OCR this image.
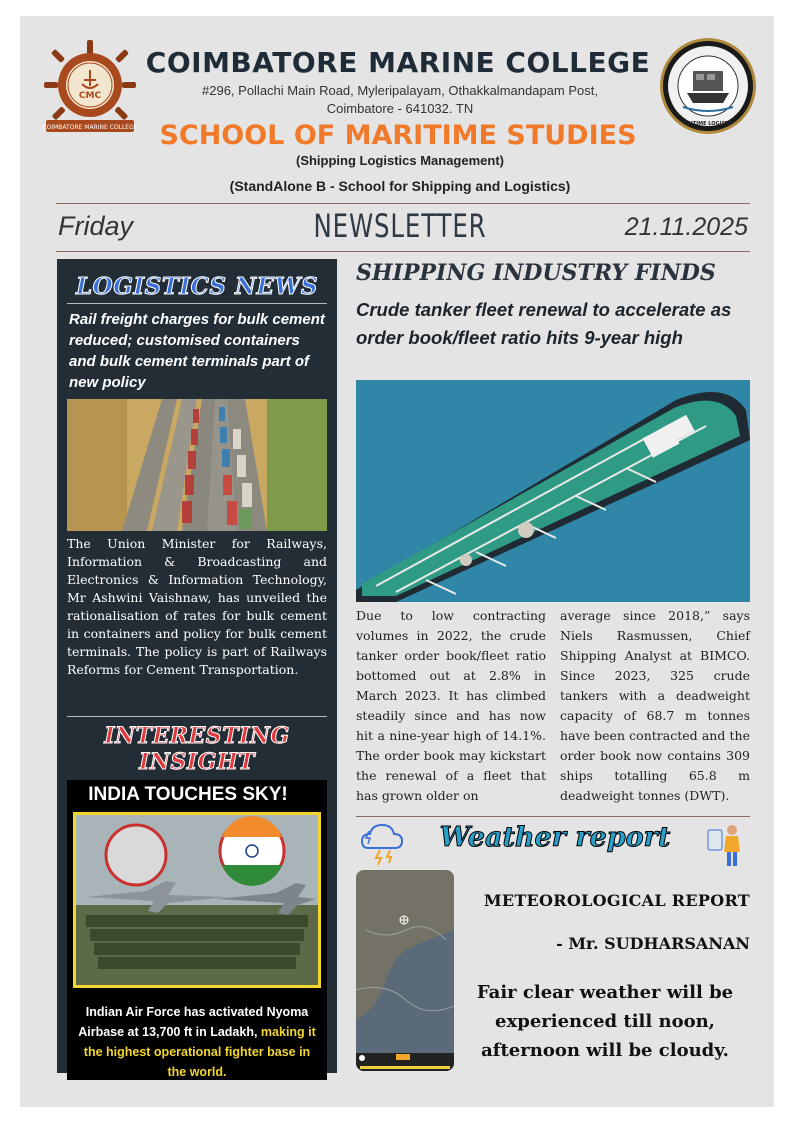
CMC
COIMBATORE MARINE COLLEGE
COIMBATORE MARINE COLLEGE
#296, Pollachi Main Road, Myleripalayam, Othakkalmandapam Post,
Coimbatore - 641032. TN
SCHOOL OF MARITIME STUDIES
(Shipping Logistics Management)
(StandAlone B - School for Shipping and Logistics)
MARITIME LOGISTICS
Friday	NEWSLETTER	21.11.2025
LOGISTICS NEWS
Rail freight charges for bulk cement reduced; customised containers and bulk cement terminals part of new policy
The Union Minister for Railways, Information & Broadcasting and Electronics & Information Technology, Mr Ashwini Vaishnaw, has unveiled the rationalisation of rates for bulk cement in containers and policy for bulk cement terminals. The policy is part of Railways Reforms for Cement Transportation.
INTERESTING
INSIGHT
INDIA TOUCHES SKY!
Indian Air Force has activated Nyoma Airbase at 13,700 ft in Ladakh, making it the highest operational fighter base in the world.
SHIPPING INDUSTRY FINDS
Crude tanker fleet renewal to accelerate as order book/fleet ratio hits 9-year high
Due to low contracting volumes in 2022, the crude tanker order book/fleet ratio bottomed out at 2.8% in March 2023. It has climbed steadily since and has now hit a nine-year high of 14.1%. The order book may kickstart the renewal of a fleet that has grown older on
average since 2018,” says Niels Rasmussen, Chief Shipping Analyst at BIMCO. Since 2023, 325 crude tankers with a deadweight capacity of 68.7 m tonnes have been contracted and the order book now contains 309 ships totalling 65.8 m deadweight tonnes (DWT).
Weather report
METEOROLOGICAL REPORT
- Mr. SUDHARSANAN
Fair clear weather will be experienced till noon, afternoon will be cloudy.
